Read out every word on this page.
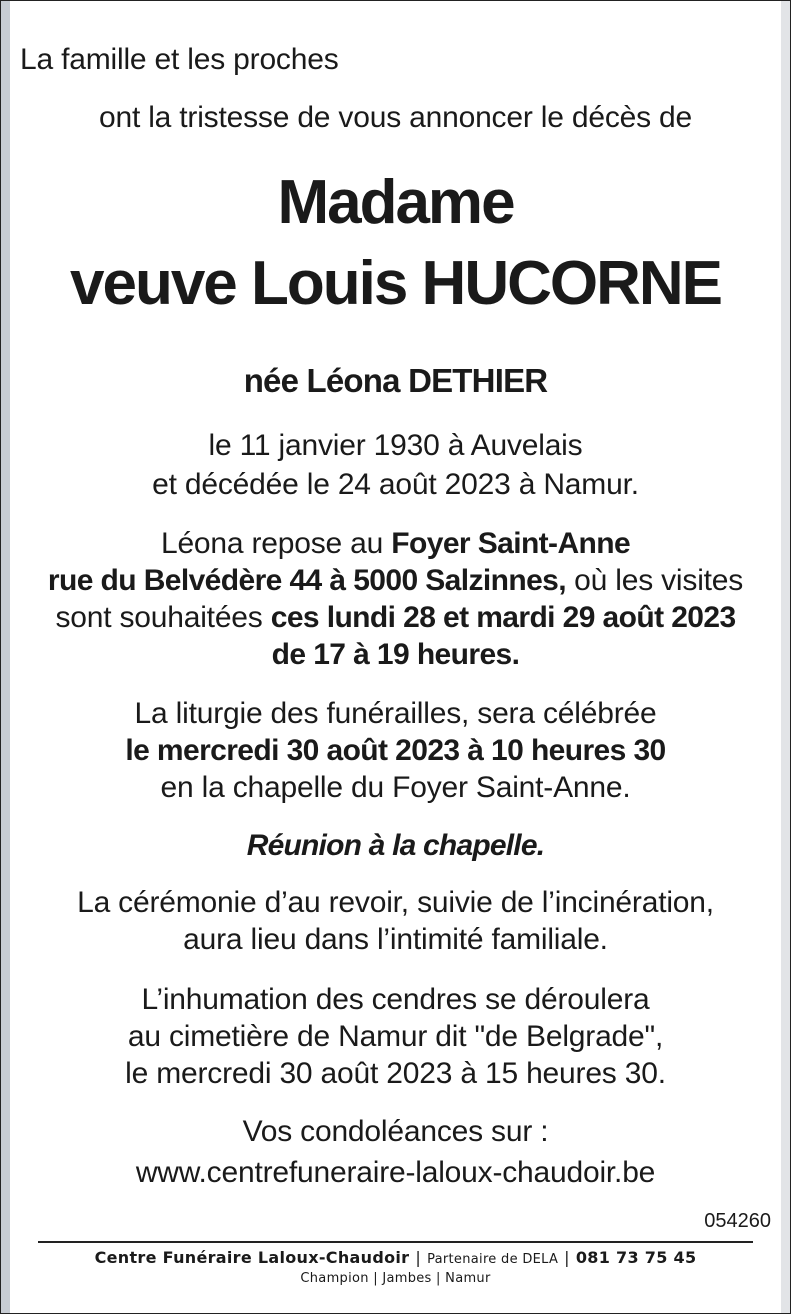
La famille et les proches
ont la tristesse de vous annoncer le décès de
Madame
veuve Louis HUCORNE
née Léona DETHIER
le 11 janvier 1930 à Auvelais
et décédée le 24 août 2023 à Namur.
Léona repose au Foyer Saint-Anne
rue du Belvédère 44 à 5000 Salzinnes, où les visites
sont souhaitées ces lundi 28 et mardi 29 août 2023
de 17 à 19 heures.
La liturgie des funérailles, sera célébrée
le mercredi 30 août 2023 à 10 heures 30
en la chapelle du Foyer Saint-Anne.
Réunion à la chapelle.
La cérémonie d’au revoir, suivie de l’incinération,
aura lieu dans l’intimité familiale.
L’inhumation des cendres se déroulera
au cimetière de Namur dit "de Belgrade",
le mercredi 30 août 2023 à 15 heures 30.
Vos condoléances sur :
www.centrefuneraire-laloux-chaudoir.be
054260
Centre Funéraire Laloux-Chaudoir | Partenaire de DELA | 081 73 75 45
Champion | Jambes | Namur
